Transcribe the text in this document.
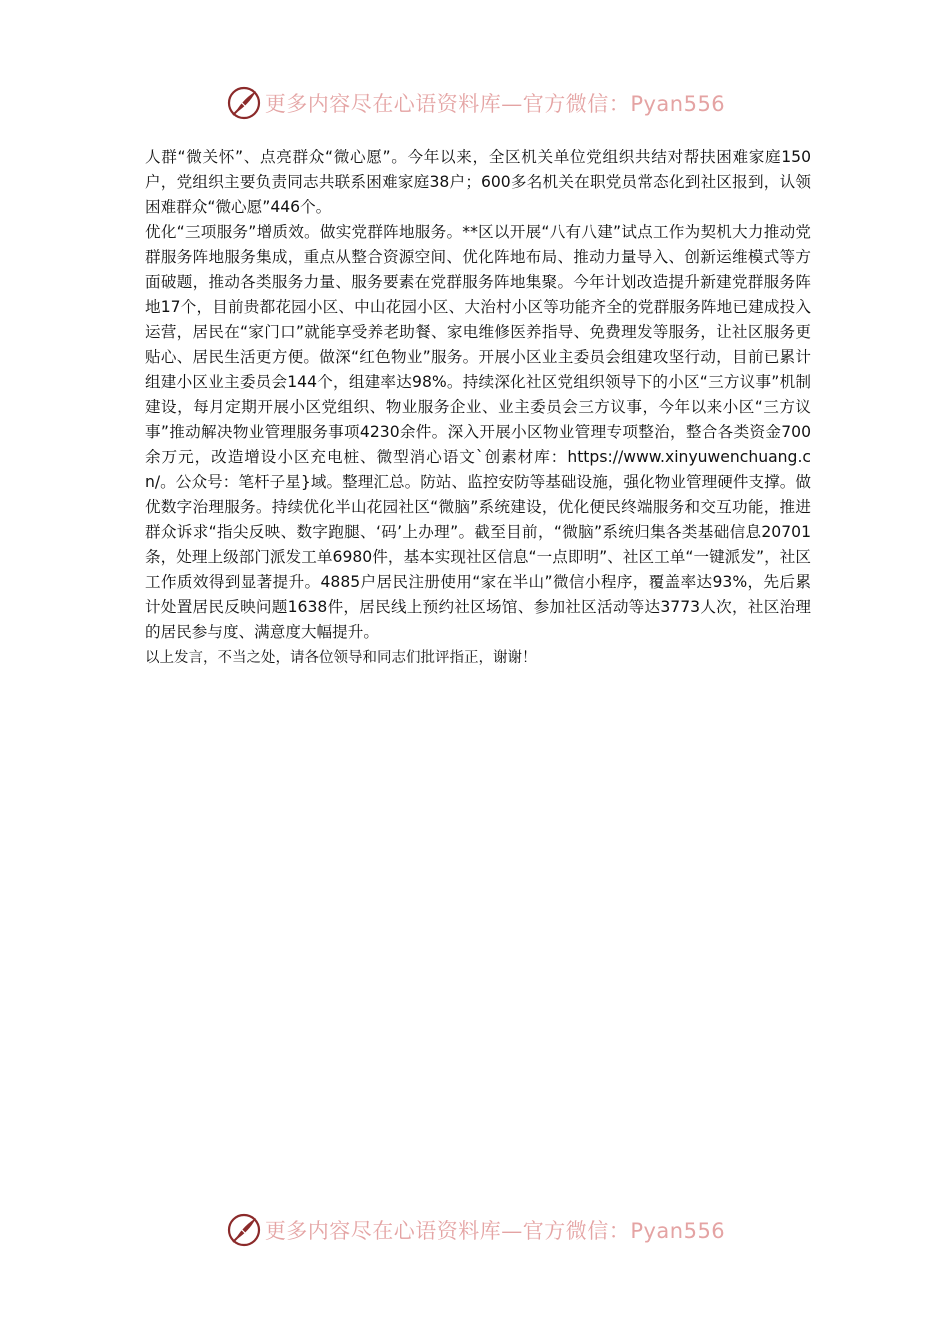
更多内容尽在心语资料库—官方微信：Pyan556

人群“微关怀”、点亮群众“微心愿”。今年以来，全区机关单位党组织共结对帮扶困难家庭150户，党组织主要负责同志共联系困难家庭38户；600多名机关在职党员常态化到社区报到，认领困难群众“微心愿”446个。

优化“三项服务”增质效。做实党群阵地服务。**区以开展“八有八建”试点工作为契机大力推动党群服务阵地服务集成，重点从整合资源空间、优化阵地布局、推动力量导入、创新运维模式等方面破题，推动各类服务力量、服务要素在党群服务阵地集聚。今年计划改造提升新建党群服务阵地17个，目前贵都花园小区、中山花园小区、大治村小区等功能齐全的党群服务阵地已建成投入运营，居民在“家门口”就能享受养老助餐、家电维修医养指导、免费理发等服务，让社区服务更贴心、居民生活更方便。做深“红色物业”服务。开展小区业主委员会组建攻坚行动，目前已累计组建小区业主委员会144个，组建率达98%。持续深化社区党组织领导下的小区“三方议事”机制建设，每月定期开展小区党组织、物业服务企业、业主委员会三方议事，今年以来小区“三方议事”推动解决物业管理服务事项4230余件。深入开展小区物业管理专项整治，整合各类资金700余万元，改造增设小区充电桩、微型消心语文`创素材库：https://www.xinyuwenchuang.cn/。公众号：笔杆子星}域。整理汇总。防站、监控安防等基础设施，强化物业管理硬件支撑。做优数字治理服务。持续优化半山花园社区“微脑”系统建设，优化便民终端服务和交互功能，推进群众诉求“指尖反映、数字跑腿、‘码’上办理”。截至目前，“微脑”系统归集各类基础信息20701条，处理上级部门派发工单6980件，基本实现社区信息“一点即明”、社区工单“一键派发”，社区工作质效得到显著提升。4885户居民注册使用“家在半山”微信小程序，覆盖率达93%，先后累计处置居民反映问题1638件，居民线上预约社区场馆、参加社区活动等达3773人次，社区治理的居民参与度、满意度大幅提升。

以上发言，不当之处，请各位领导和同志们批评指正，谢谢！

更多内容尽在心语资料库—官方微信：Pyan556
